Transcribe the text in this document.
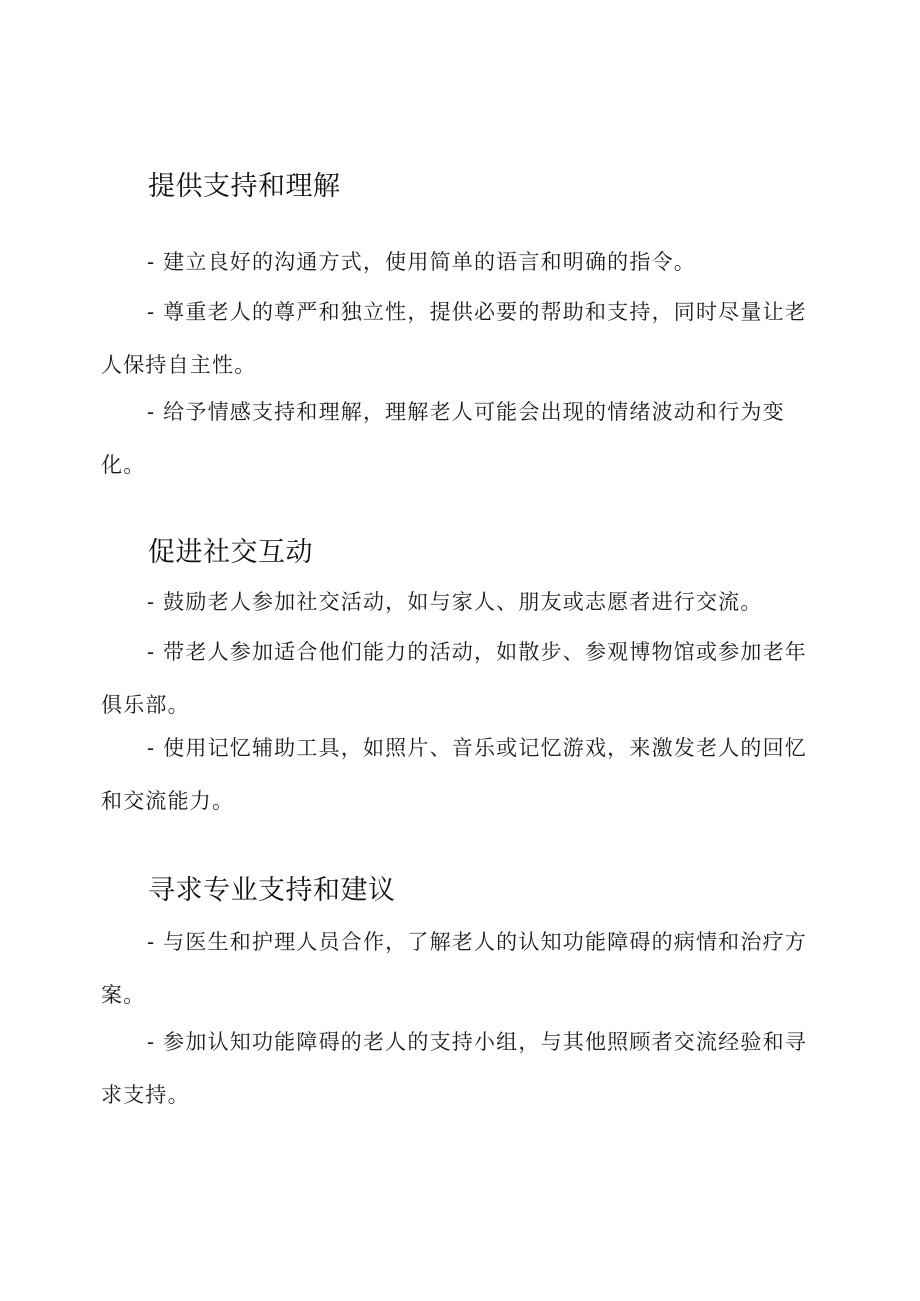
提供支持和理解

- 建立良好的沟通方式，使用简单的语言和明确的指令。

- 尊重老人的尊严和独立性，提供必要的帮助和支持，同时尽量让老人保持自主性。

- 给予情感支持和理解，理解老人可能会出现的情绪波动和行为变化。

促进社交互动

- 鼓励老人参加社交活动，如与家人、朋友或志愿者进行交流。

- 带老人参加适合他们能力的活动，如散步、参观博物馆或参加老年俱乐部。

- 使用记忆辅助工具，如照片、音乐或记忆游戏，来激发老人的回忆和交流能力。

寻求专业支持和建议

- 与医生和护理人员合作，了解老人的认知功能障碍的病情和治疗方案。

- 参加认知功能障碍的老人的支持小组，与其他照顾者交流经验和寻求支持。
